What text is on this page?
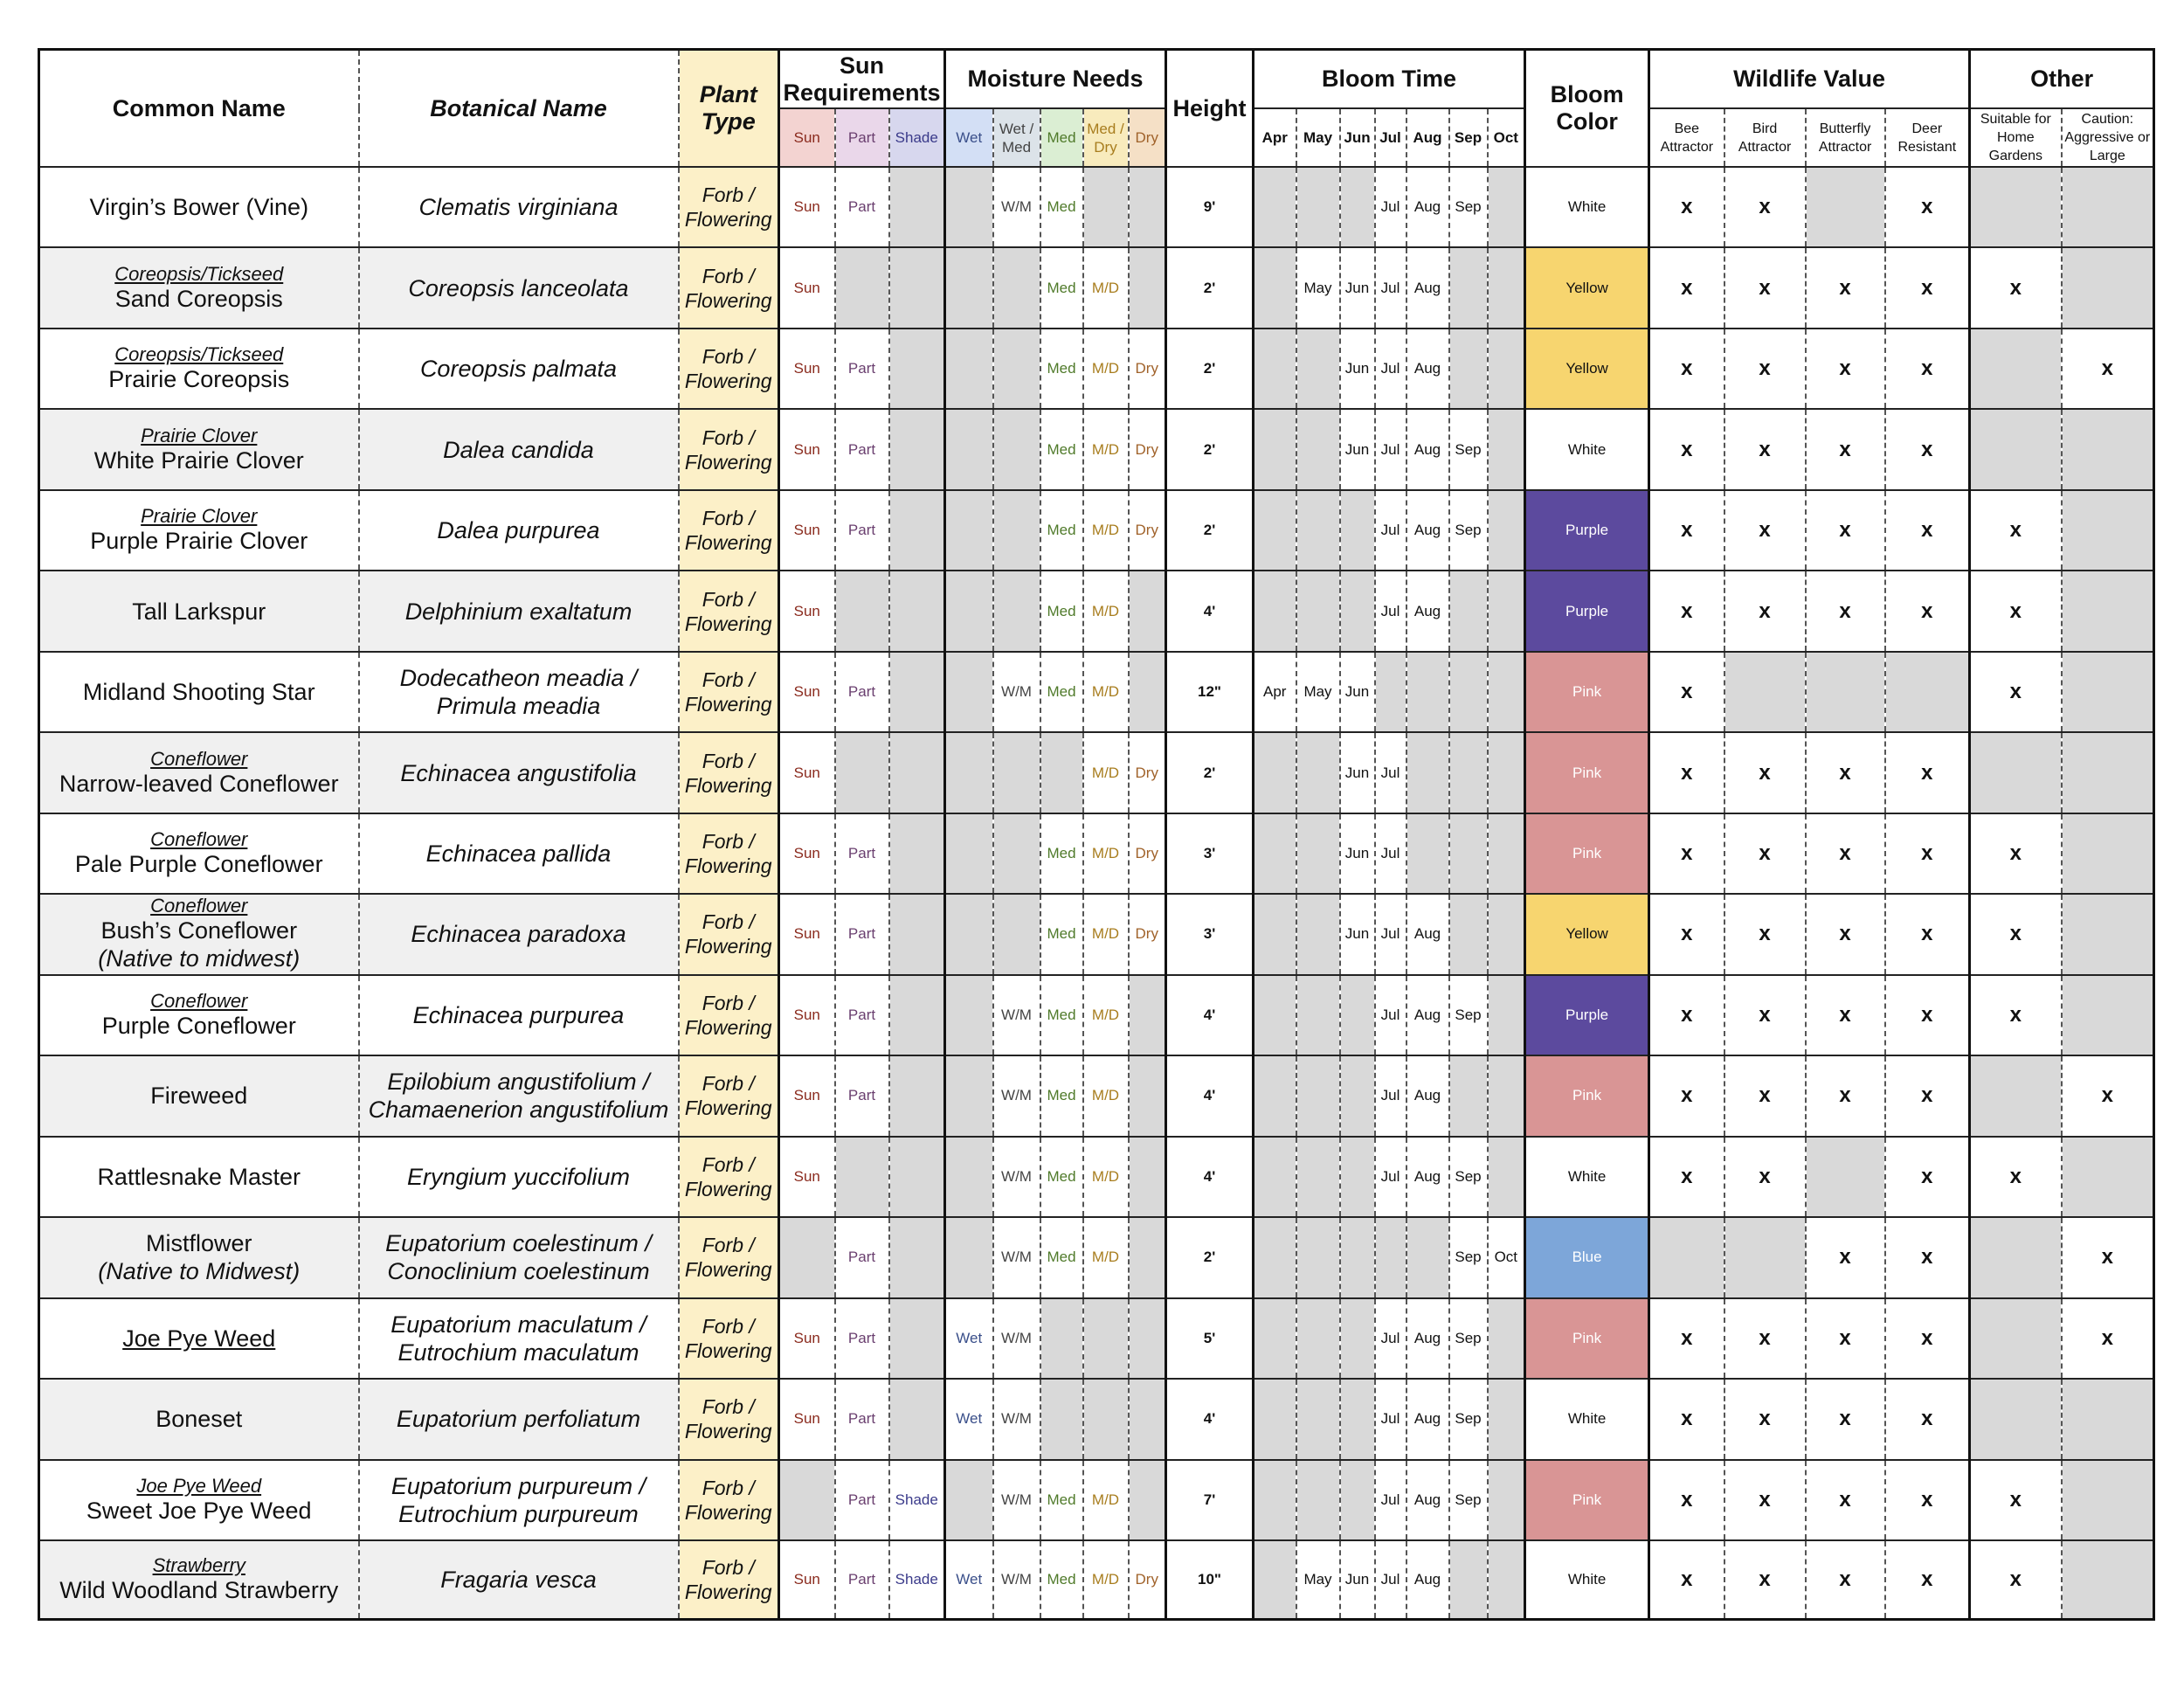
Common Name	Botanical Name	Plant Type	Sun Requirements			Moisture Needs					Height	Bloom Time							Bloom Color	Wildlife Value				Other	
			Sun	Part	Shade	Wet	Wet / Med	Med	Med / Dry	Dry		Apr	May	Jun	Jul	Aug	Sep	Oct		Bee Attractor	Bird Attractor	Butterfly Attractor	Deer Resistant	Suitable for Home Gardens	Caution: Aggressive or Large
Virgin’s Bower (Vine)	Clematis virginiana	Forb / Flowering	Sun	Part			W/M	Med			9'				Jul	Aug	Sep		White	x	x		x		

Coreopsis/Tickseed
Sand Coreopsis	Coreopsis lanceolata	Forb / Flowering	Sun					Med	M/D		2'		May	Jun	Jul	Aug			Yellow	x	x	x	x	x	

Coreopsis/Tickseed
Prairie Coreopsis	Coreopsis palmata	Forb / Flowering	Sun	Part				Med	M/D	Dry	2'			Jun	Jul	Aug			Yellow	x	x	x	x		x

Prairie Clover
White Prairie Clover	Dalea candida	Forb / Flowering	Sun	Part				Med	M/D	Dry	2'			Jun	Jul	Aug	Sep		White	x	x	x	x		

Prairie Clover
Purple Prairie Clover	Dalea purpurea	Forb / Flowering	Sun	Part				Med	M/D	Dry	2'				Jul	Aug	Sep		Purple	x	x	x	x	x	
Tall Larkspur	Delphinium exaltatum	Forb / Flowering	Sun					Med	M/D		4'				Jul	Aug			Purple	x	x	x	x	x	
Midland Shooting Star	Dodecatheon meadia / Primula meadia	Forb / Flowering	Sun	Part			W/M	Med	M/D		12"	Apr	May	Jun					Pink	x				x	

Coneflower
Narrow-leaved Coneflower	Echinacea angustifolia	Forb / Flowering	Sun						M/D	Dry	2'			Jun	Jul				Pink	x	x	x	x		

Coneflower
Pale Purple Coneflower	Echinacea pallida	Forb / Flowering	Sun	Part				Med	M/D	Dry	3'			Jun	Jul				Pink	x	x	x	x	x	

Coneflower
Bush’s Coneflower
(Native to midwest)	Echinacea paradoxa	Forb / Flowering	Sun	Part				Med	M/D	Dry	3'			Jun	Jul	Aug			Yellow	x	x	x	x	x	

Coneflower
Purple Coneflower	Echinacea purpurea	Forb / Flowering	Sun	Part			W/M	Med	M/D		4'				Jul	Aug	Sep		Purple	x	x	x	x	x	
Fireweed	Epilobium angustifolium / Chamaenerion angustifolium	Forb / Flowering	Sun	Part			W/M	Med	M/D		4'				Jul	Aug			Pink	x	x	x	x		x
Rattlesnake Master	Eryngium yuccifolium	Forb / Flowering	Sun				W/M	Med	M/D		4'				Jul	Aug	Sep		White	x	x		x	x	
Mistflower
(Native to Midwest)	Eupatorium coelestinum / Conoclinium coelestinum	Forb / Flowering		Part			W/M	Med	M/D		2'						Sep	Oct	Blue			x	x		x
Joe Pye Weed	Eupatorium maculatum / Eutrochium maculatum	Forb / Flowering	Sun	Part		Wet	W/M				5'				Jul	Aug	Sep		Pink	x	x	x	x		x
Boneset	Eupatorium perfoliatum	Forb / Flowering	Sun	Part		Wet	W/M				4'				Jul	Aug	Sep		White	x	x	x	x		

Joe Pye Weed
Sweet Joe Pye Weed	Eupatorium purpureum / Eutrochium purpureum	Forb / Flowering		Part	Shade		W/M	Med	M/D		7'				Jul	Aug	Sep		Pink	x	x	x	x	x	

Strawberry
Wild Woodland Strawberry	Fragaria vesca	Forb / Flowering	Sun	Part	Shade	Wet	W/M	Med	M/D	Dry	10"		May	Jun	Jul	Aug			White	x	x	x	x	x	
